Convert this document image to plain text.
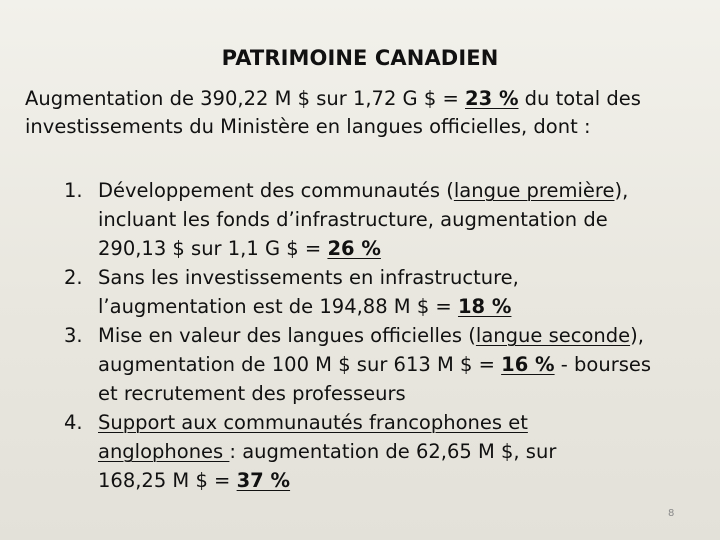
PATRIMOINE CANADIEN
Augmentation de 390,22 M $ sur 1,72 G $ = 23 % du total des
investissements du Ministère en langues officielles, dont :
1. Développement des communautés (langue première),
incluant les fonds d’infrastructure, augmentation de
290,13 $ sur 1,1 G $ = 26 %
2. Sans les investissements en infrastructure,
l’augmentation est de 194,88 M $ = 18 %
3. Mise en valeur des langues officielles (langue seconde),
augmentation de 100 M $ sur 613 M $ = 16 % - bourses
et recrutement des professeurs
4. Support aux communautés francophones et
anglophones : augmentation de 62,65 M $, sur
168,25 M $ = 37 %
8
